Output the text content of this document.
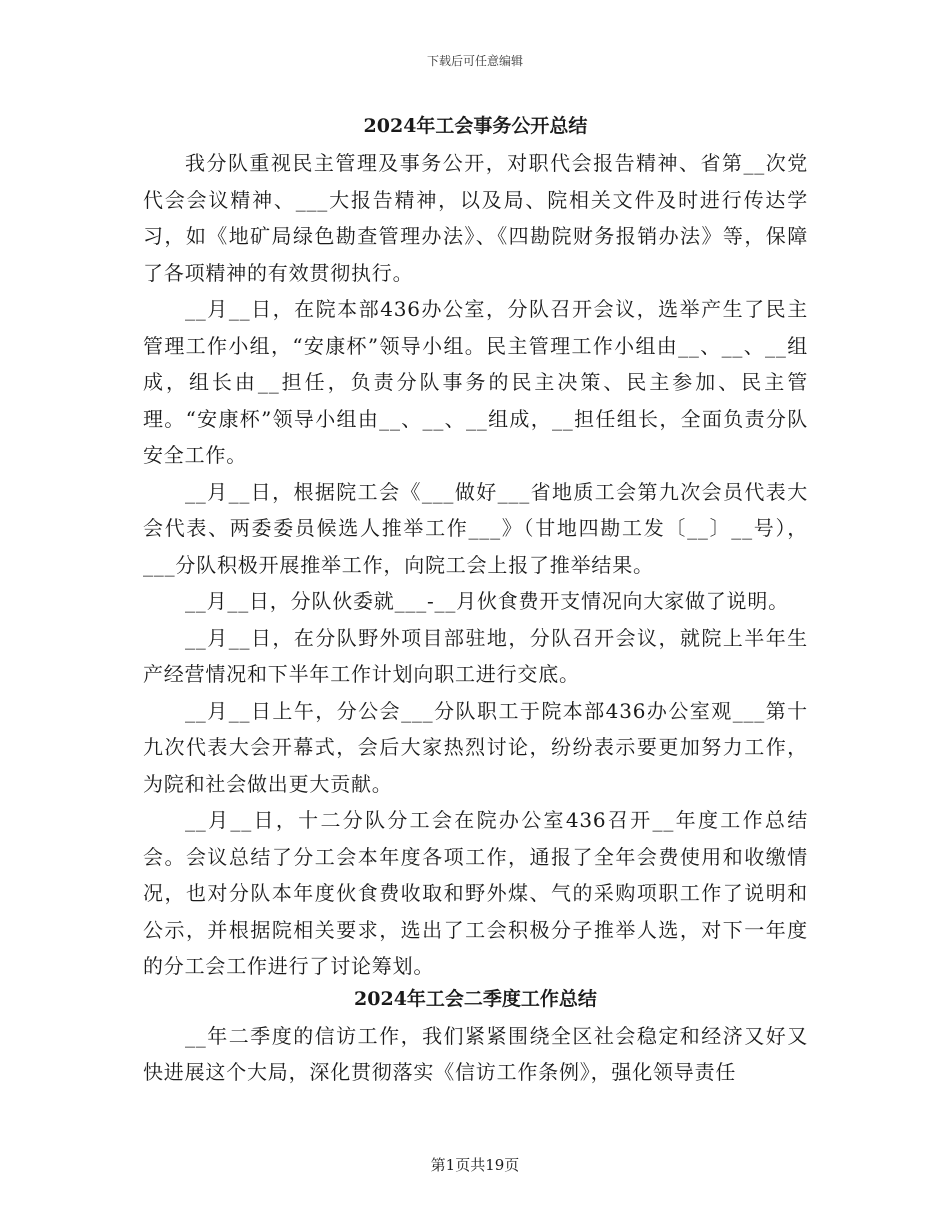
下载后可任意编辑
2024年工会事务公开总结

我分队重视民主管理及事务公开，对职代会报告精神、省第__次党代会会议精神、___大报告精神，以及局、院相关文件及时进行传达学习，如《地矿局绿色勘查管理办法》、《四勘院财务报销办法》等，保障了各项精神的有效贯彻执行。

__月__日，在院本部436办公室，分队召开会议，选举产生了民主管理工作小组，“安康杯”领导小组。民主管理工作小组由__、__、__组成，组长由__担任，负责分队事务的民主决策、民主参加、民主管理。“安康杯”领导小组由__、__、__组成，__担任组长，全面负责分队安全工作。

__月__日，根据院工会《___做好___省地质工会第九次会员代表大会代表、两委委员候选人推举工作___》（甘地四勘工发〔__〕__号），___分队积极开展推举工作，向院工会上报了推举结果。

__月__日，分队伙委就___-__月伙食费开支情况向大家做了说明。

__月__日，在分队野外项目部驻地，分队召开会议，就院上半年生产经营情况和下半年工作计划向职工进行交底。

__月__日上午，分公会___分队职工于院本部436办公室观___第十九次代表大会开幕式，会后大家热烈讨论，纷纷表示要更加努力工作，为院和社会做出更大贡献。

__月__日，十二分队分工会在院办公室436召开__年度工作总结会。会议总结了分工会本年度各项工作，通报了全年会费使用和收缴情况，也对分队本年度伙食费收取和野外煤、气的采购项职工作了说明和公示，并根据院相关要求，选出了工会积极分子推举人选，对下一年度的分工会工作进行了讨论筹划。

2024年工会二季度工作总结

__年二季度的信访工作，我们紧紧围绕全区社会稳定和经济又好又快进展这个大局，深化贯彻落实《信访工作条例》，强化领导责任

第1页共19页
